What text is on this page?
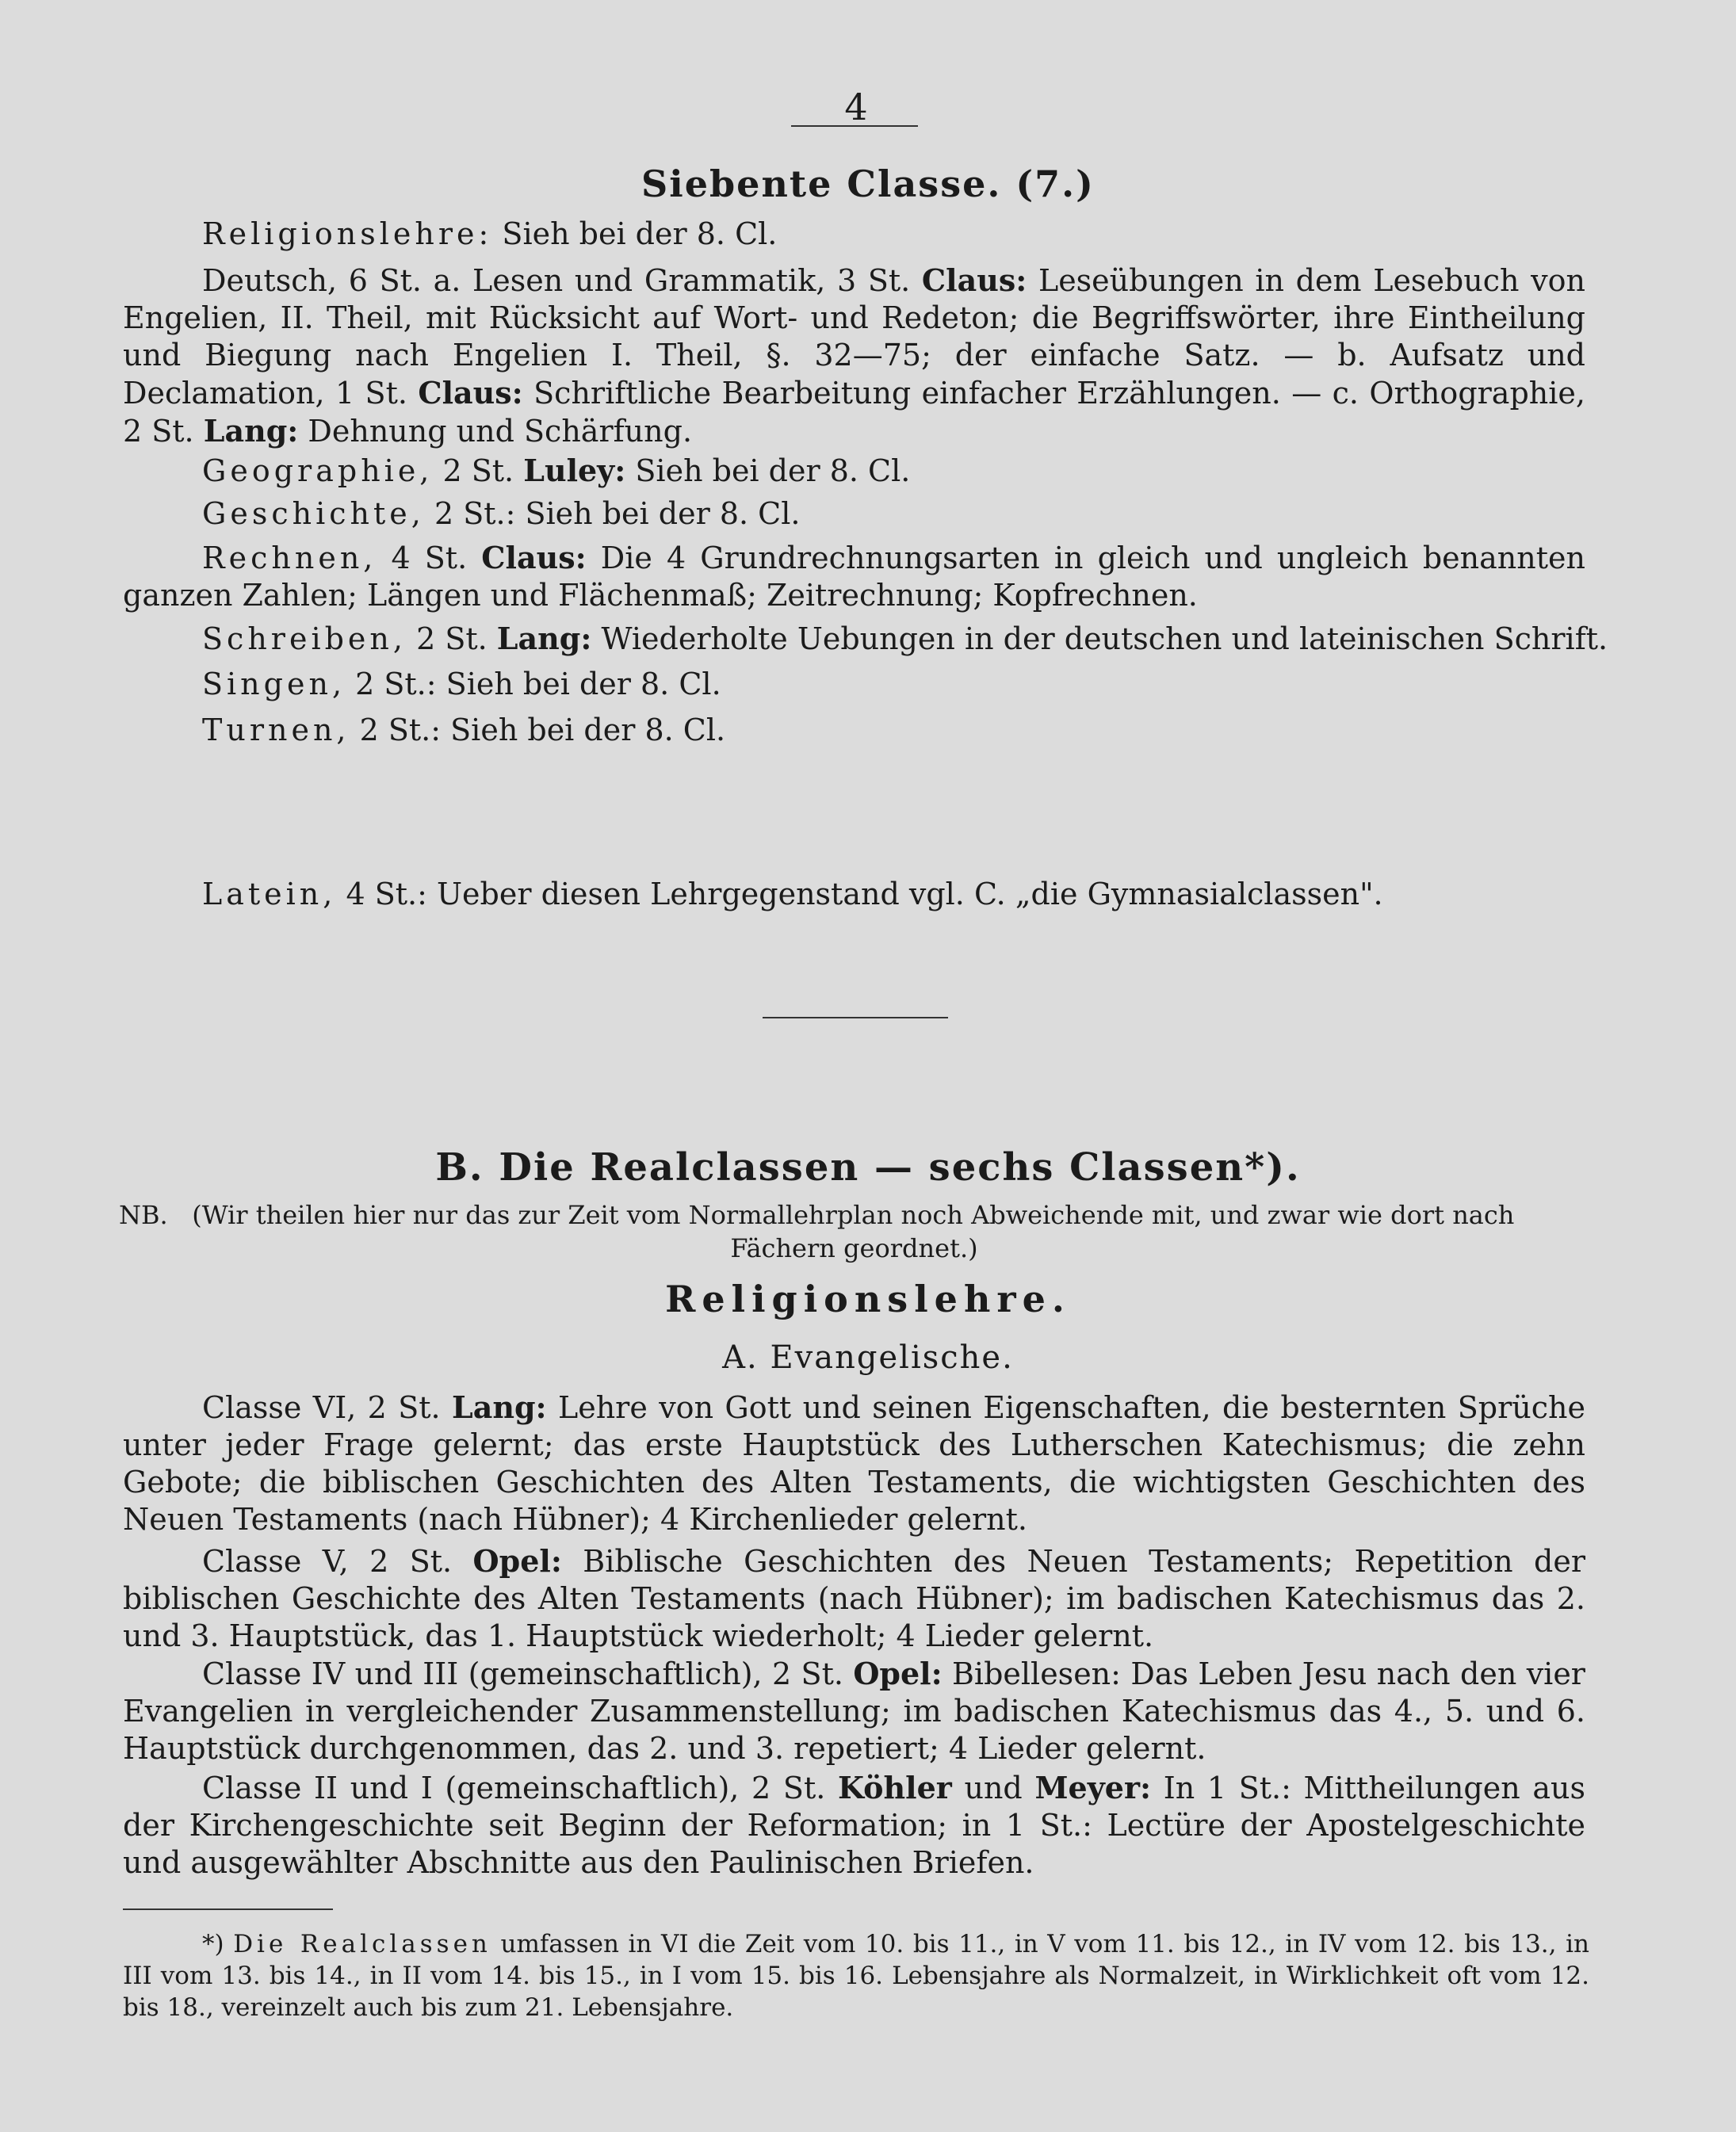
4
Siebente Classe. (7.)
Religionslehre: Sieh bei der 8. Cl.
Deutsch, 6 St. a. Lesen und Grammatik, 3 St. Claus: Leseübungen in dem Lesebuch von Engelien, II. Theil, mit Rücksicht auf Wort- und Redeton; die Begriffswörter, ihre Eintheilung und Biegung nach Engelien I. Theil, §. 32—75; der einfache Satz. — b. Aufsatz und Declamation, 1 St. Claus: Schriftliche Bearbeitung einfacher Erzählungen. — c. Orthographie, 2 St. Lang: Dehnung und Schärfung.
Geographie, 2 St. Luley: Sieh bei der 8. Cl.
Geschichte, 2 St.: Sieh bei der 8. Cl.
Rechnen, 4 St. Claus: Die 4 Grundrechnungsarten in gleich und ungleich benannten ganzen Zahlen; Längen und Flächenmaß; Zeitrechnung; Kopfrechnen.
Schreiben, 2 St. Lang: Wiederholte Uebungen in der deutschen und lateinischen Schrift.
Singen, 2 St.: Sieh bei der 8. Cl.
Turnen, 2 St.: Sieh bei der 8. Cl.
Latein, 4 St.: Ueber diesen Lehrgegenstand vgl. C. „die Gymnasialclassen".
B. Die Realclassen — sechs Classen*).
NB. (Wir theilen hier nur das zur Zeit vom Normallehrplan noch Abweichende mit, und zwar wie dort nach
Fächern geordnet.)
Religionslehre.
A. Evangelische.
Classe VI, 2 St. Lang: Lehre von Gott und seinen Eigenschaften, die besternten Sprüche unter jeder Frage gelernt; das erste Hauptstück des Lutherschen Katechismus; die zehn Gebote; die biblischen Geschichten des Alten Testaments, die wichtigsten Geschichten des Neuen Testaments (nach Hübner); 4 Kirchenlieder gelernt.
Classe V, 2 St. Opel: Biblische Geschichten des Neuen Testaments; Repetition der biblischen Geschichte des Alten Testaments (nach Hübner); im badischen Katechismus das 2. und 3. Hauptstück, das 1. Hauptstück wiederholt; 4 Lieder gelernt.
Classe IV und III (gemeinschaftlich), 2 St. Opel: Bibellesen: Das Leben Jesu nach den vier Evangelien in vergleichender Zusammenstellung; im badischen Katechismus das 4., 5. und 6. Hauptstück durchgenommen, das 2. und 3. repetiert; 4 Lieder gelernt.
Classe II und I (gemeinschaftlich), 2 St. Köhler und Meyer: In 1 St.: Mittheilungen aus der Kirchengeschichte seit Beginn der Reformation; in 1 St.: Lectüre der Apostelgeschichte und ausgewählter Abschnitte aus den Paulinischen Briefen.
*) Die Realclassen umfassen in VI die Zeit vom 10. bis 11., in V vom 11. bis 12., in IV vom 12. bis 13., in III vom 13. bis 14., in II vom 14. bis 15., in I vom 15. bis 16. Lebensjahre als Normalzeit, in Wirklichkeit oft vom 12. bis 18., vereinzelt auch bis zum 21. Lebensjahre.
